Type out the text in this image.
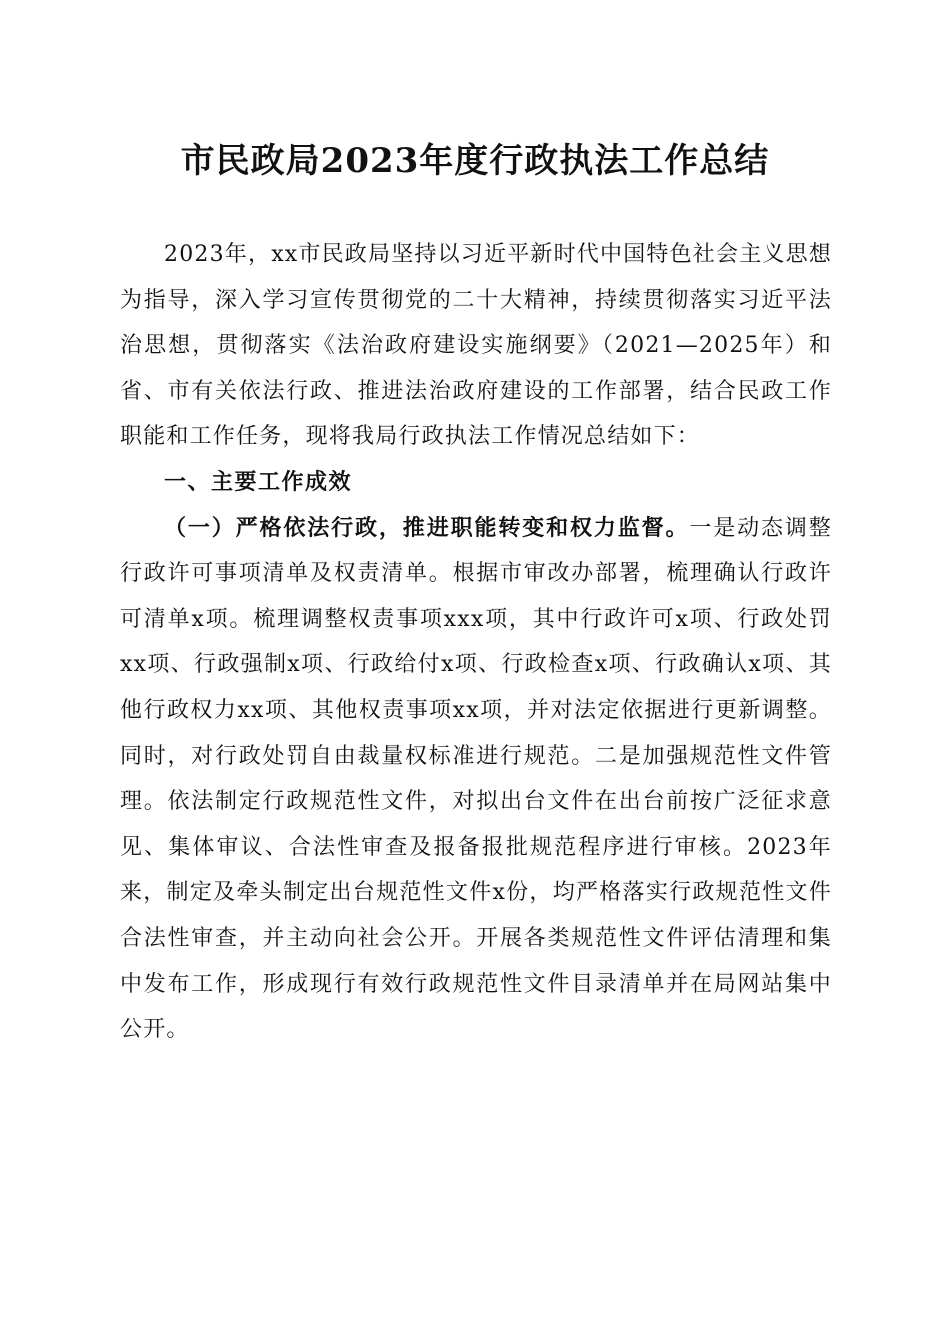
市民政局2023年度行政执法工作总结

2023年，xx市民政局坚持以习近平新时代中国特色社会主义思想为指导，深入学习宣传贯彻党的二十大精神，持续贯彻落实习近平法治思想，贯彻落实《法治政府建设实施纲要》（2021—2025年）和省、市有关依法行政、推进法治政府建设的工作部署，结合民政工作职能和工作任务，现将我局行政执法工作情况总结如下：

一、主要工作成效

（一）严格依法行政，推进职能转变和权力监督。一是动态调整行政许可事项清单及权责清单。根据市审改办部署，梳理确认行政许可清单x项。梳理调整权责事项xxx项，其中行政许可x项、行政处罚xx项、行政强制x项、行政给付x项、行政检查x项、行政确认x项、其他行政权力xx项、其他权责事项xx项，并对法定依据进行更新调整。同时，对行政处罚自由裁量权标准进行规范。二是加强规范性文件管理。依法制定行政规范性文件，对拟出台文件在出台前按广泛征求意见、集体审议、合法性审查及报备报批规范程序进行审核。2023年来，制定及牵头制定出台规范性文件x份，均严格落实行政规范性文件合法性审查，并主动向社会公开。开展各类规范性文件评估清理和集中发布工作，形成现行有效行政规范性文件目录清单并在局网站集中公开。
